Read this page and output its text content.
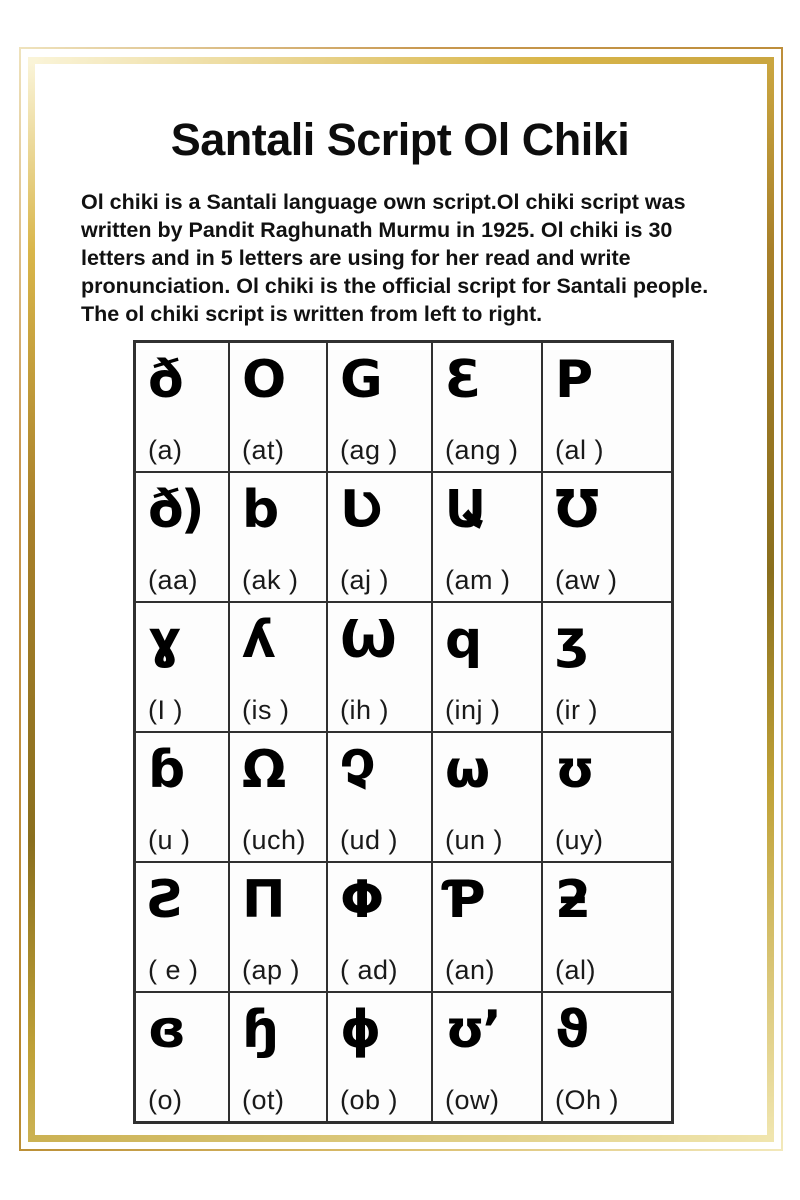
Santali Script Ol Chiki

Ol chiki is a Santali language own script.Ol chiki script was written by Pandit Raghunath Murmu in 1925. Ol chiki is 30 letters and in 5 letters are using for her read and write pronunciation. Ol chiki is the official script for Santali people. The ol chiki script is written from left to right.

ð
(a)
O
(at)
G
(ag )
Ɛ
(ang )
P
(al )
ð)
(aa)
b
(ak )
Ʋ
(aj )
Ա
(am )
Ʊ
(aw )
ɣ
(I )
ʎ
(is )
Ѡ
(ih )
q
(inj )
ʒ
(ir )
ɓ
(u )
Ω
(uch)
Չ
(ud )
ω
(un )
ʊ
(uy)
Ƨ
( e )
Π
(ap )
Φ
( ad)
Ƥ
(an)
ƻ
(al)
ɞ
(o)
ɧ
(ot)
ɸ
(ob )
ʊ’
(ow)
ϑ
(Oh )
